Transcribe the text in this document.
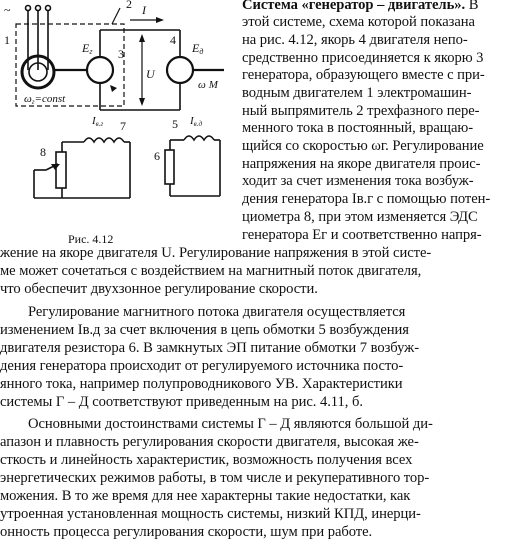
~
1
2
3
4
5
6
7
8
Eг	Eд
I
U
ωг=const
ω M
Iв.г	Iв.д
Рис. 4.12
Система «генератор – двигатель». В
этой системе, схема которой показана
на рис. 4.12, якорь 4 двигателя непо-
средственно присоединяется к якорю 3
генератора, образующего вместе с при-
водным двигателем 1 электромашин-
ный выпрямитель 2 трехфазного пере-
менного тока в постоянный, вращаю-
щийся со скоростью ωг. Регулирование
напряжения на якоре двигателя проис-
ходит за счет изменения тока возбуж-
дения генератора Iв.г с помощью потен-
циометра 8, при этом изменяется ЭДС
генератора Eг и соответственно напря-
жение на якоре двигателя U. Регулирование напряжения в этой систе-
ме может сочетаться с воздействием на магнитный поток двигателя,
что обеспечит двухзонное регулирование скорости.
Регулирование магнитного потока двигателя осуществляется
изменением Iв.д за счет включения в цепь обмотки 5 возбуждения
двигателя резистора 6. В замкнутых ЭП питание обмотки 7 возбуж-
дения генератора происходит от регулируемого источника посто-
янного тока, например полупроводникового УВ. Характеристики
системы Г – Д соответствуют приведенным на рис. 4.11, б.
Основными достоинствами системы Г – Д являются большой ди-
апазон и плавность регулирования скорости двигателя, высокая же-
сткость и линейность характеристик, возможность получения всех
энергетических режимов работы, в том числе и рекуперативного тор-
можения. В то же время для нее характерны такие недостатки, как
утроенная установленная мощность системы, низкий КПД, инерци-
онность процесса регулирования скорости, шум при работе.
